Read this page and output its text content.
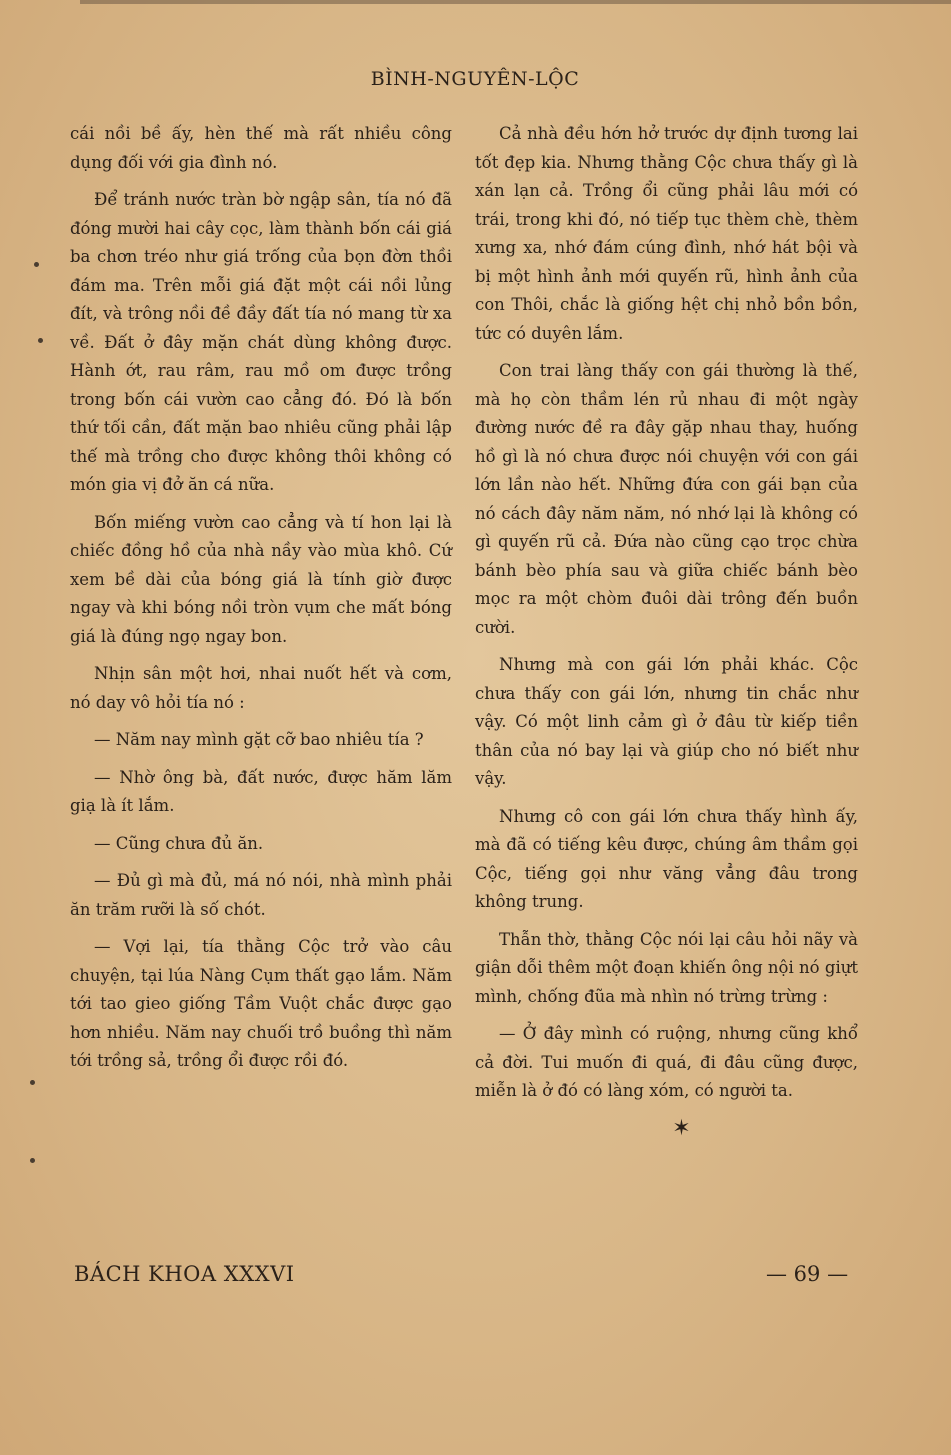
BÌNH-NGUYÊN-LỘC

cái nồi bề ấy, hèn thế mà rất nhiều công dụng đối với gia đình nó.

Để tránh nước tràn bờ ngập sân, tía nó đã đóng mười hai cây cọc, làm thành bốn cái giá ba chơn tréo như giá trống của bọn đờn thồi đám ma. Trên mỗi giá đặt một cái nồi lủng đít, và trông nồi đề đầy đất tía nó mang từ xa về. Đất ở đây mặn chát dùng không được. Hành ớt, rau râm, rau mồ om được trồng trong bốn cái vườn cao cẳng đó. Đó là bốn thứ tối cần, đất mặn bao nhiêu cũng phải lập thế mà trồng cho được không thôi không có món gia vị đở ăn cá nữa.

Bốn miếng vườn cao cẳng và tí hon lại là chiếc đồng hồ của nhà nầy vào mùa khô. Cứ xem bề dài của bóng giá là tính giờ được ngay và khi bóng nồi tròn vụm che mất bóng giá là đúng ngọ ngay bon.

Nhịn sân một hơi, nhai nuốt hết và cơm, nó day vô hỏi tía nó :

— Năm nay mình gặt cỡ bao nhiêu tía ?

— Nhờ ông bà, đất nước, được hăm lăm giạ là ít lắm.

— Cũng chưa đủ ăn.

— Đủ gì mà đủ, má nó nói, nhà mình phải ăn trăm rưỡi là số chót.

— Vợi lại, tía thằng Cộc trở vào câu chuyện, tại lúa Nàng Cụm thất gạo lắm. Năm tới tao gieo giống Tầm Vuột chắc được gạo hơn nhiều. Năm nay chuối trồ buồng thì năm tới trồng sả, trồng ổi được rồi đó.

Cả nhà đều hớn hở trước dự định tương lai tốt đẹp kia. Nhưng thằng Cộc chưa thấy gì là xán lạn cả. Trồng ổi cũng phải lâu mới có trái, trong khi đó, nó tiếp tục thèm chè, thèm xưng xa, nhớ đám cúng đình, nhớ hát bội và bị một hình ảnh mới quyến rũ, hình ảnh của con Thôi, chắc là giống hệt chị nhỏ bồn bồn, tức có duyên lắm.

Con trai làng thấy con gái thường là thế, mà họ còn thầm lén rủ nhau đi một ngày đường nước đề ra đây gặp nhau thay, huống hồ gì là nó chưa được nói chuyện với con gái lớn lần nào hết. Những đứa con gái bạn của nó cách đây năm năm, nó nhớ lại là không có gì quyến rũ cả. Đứa nào cũng cạo trọc chừa bánh bèo phía sau và giữa chiếc bánh bèo mọc ra một chòm đuôi dài trông đến buồn cười.

Nhưng mà con gái lớn phải khác. Cộc chưa thấy con gái lớn, nhưng tin chắc như vậy. Có một linh cảm gì ở đâu từ kiếp tiền thân của nó bay lại và giúp cho nó biết như vậy.

Nhưng cô con gái lớn chưa thấy hình ấy, mà đã có tiếng kêu được, chúng âm thầm gọi Cộc, tiếng gọi như văng vẳng đâu trong không trung.

Thẫn thờ, thằng Cộc nói lại câu hỏi nãy và giận dỗi thêm một đoạn khiến ông nội nó giựt mình, chống đũa mà nhìn nó trừng trừng :

— Ở đây mình có ruộng, nhưng cũng khổ cả đời. Tui muốn đi quá, đi đâu cũng được, miễn là ở đó có làng xóm, có người ta.

✶
BÁCH KHOA XXXVI	— 69 —
